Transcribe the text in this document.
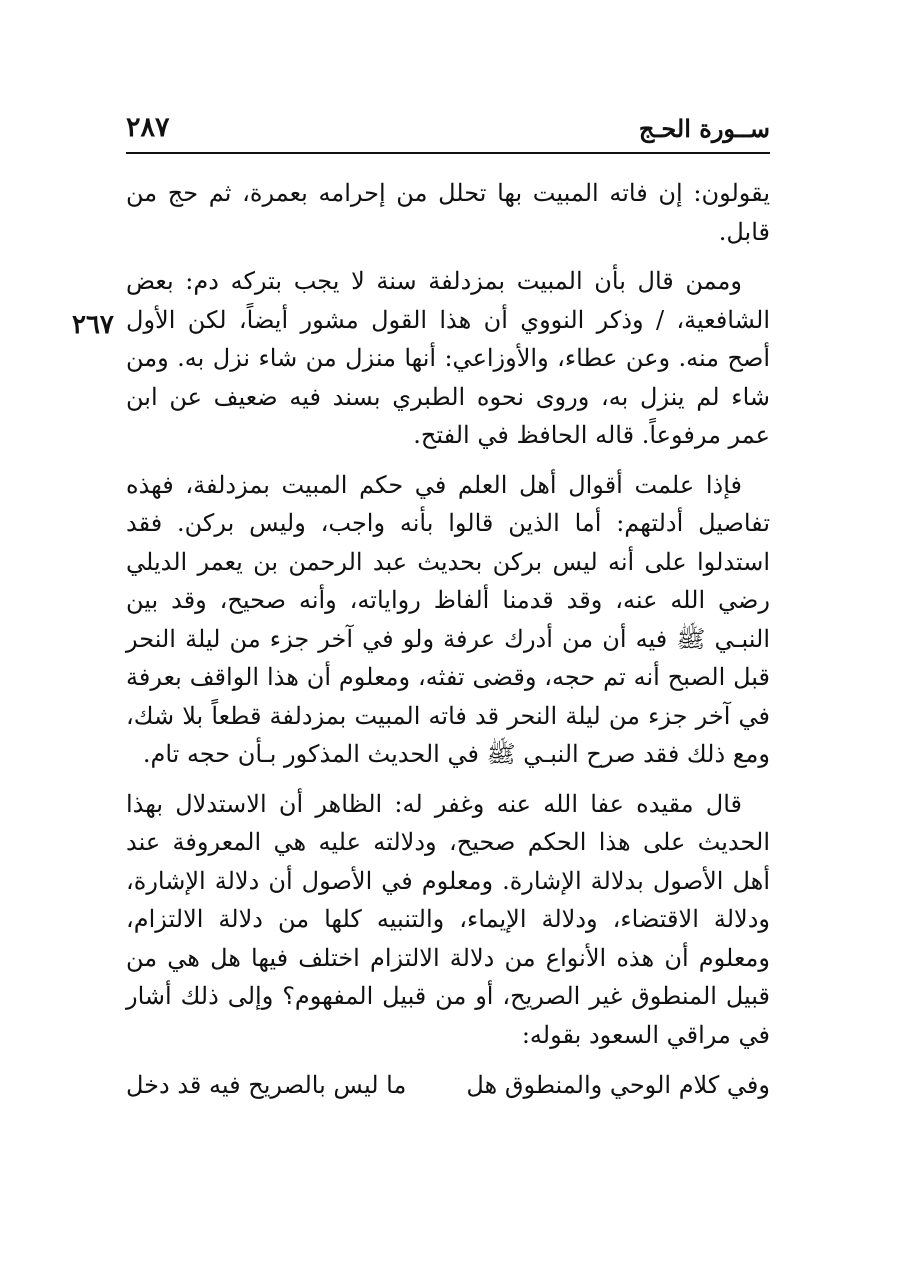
ســورة الحـج
٢٨٧

يقولون: إن فاته المبيت بها تحلل من إحرامه بعمرة، ثم حج من قابل.

وممن قال بأن المبيت بمزدلفة سنة لا يجب بتركه دم: بعض الشافعية، / وذكر النووي أن هذا القول مشور أيضاً، لكن الأول أصح منه. وعن عطاء، والأوزاعي: أنها منزل من شاء نزل به. ومن شاء لم ينزل به، وروى نحوه الطبري بسند فيه ضعيف عن ابن عمر مرفوعاً. قاله الحافظ في الفتح.

فإذا علمت أقوال أهل العلم في حكم المبيت بمزدلفة، فهذه تفاصيل أدلتهم: أما الذين قالوا بأنه واجب، وليس بركن. فقد استدلوا على أنه ليس بركن بحديث عبد الرحمن بن يعمر الديلي رضي الله عنه، وقد قدمنا ألفاظ رواياته، وأنه صحيح، وقد بين النبـي ﷺ فيه أن من أدرك عرفة ولو في آخر جزء من ليلة النحر قبل الصبح أنه تم حجه، وقضى تفثه، ومعلوم أن هذا الواقف بعرفة في آخر جزء من ليلة النحر قد فاته المبيت بمزدلفة قطعاً بلا شك، ومع ذلك فقد صرح النبـي ﷺ في الحديث المذكور بـأن حجه تام.

قال مقيده عفا الله عنه وغفر له: الظاهر أن الاستدلال بهذا الحديث على هذا الحكم صحيح، ودلالته عليه هي المعروفة عند أهل الأصول بدلالة الإشارة. ومعلوم في الأصول أن دلالة الإشارة، ودلالة الاقتضاء، ودلالة الإيماء، والتنبيه كلها من دلالة الالتزام، ومعلوم أن هذه الأنواع من دلالة الالتزام اختلف فيها هل هي من قبيل المنطوق غير الصريح، أو من قبيل المفهوم؟ وإلى ذلك أشار في مراقي السعود بقوله:

وفي كلام الوحي والمنطوق هل
ما ليس بالصريح فيه قد دخل
٢٦٧
